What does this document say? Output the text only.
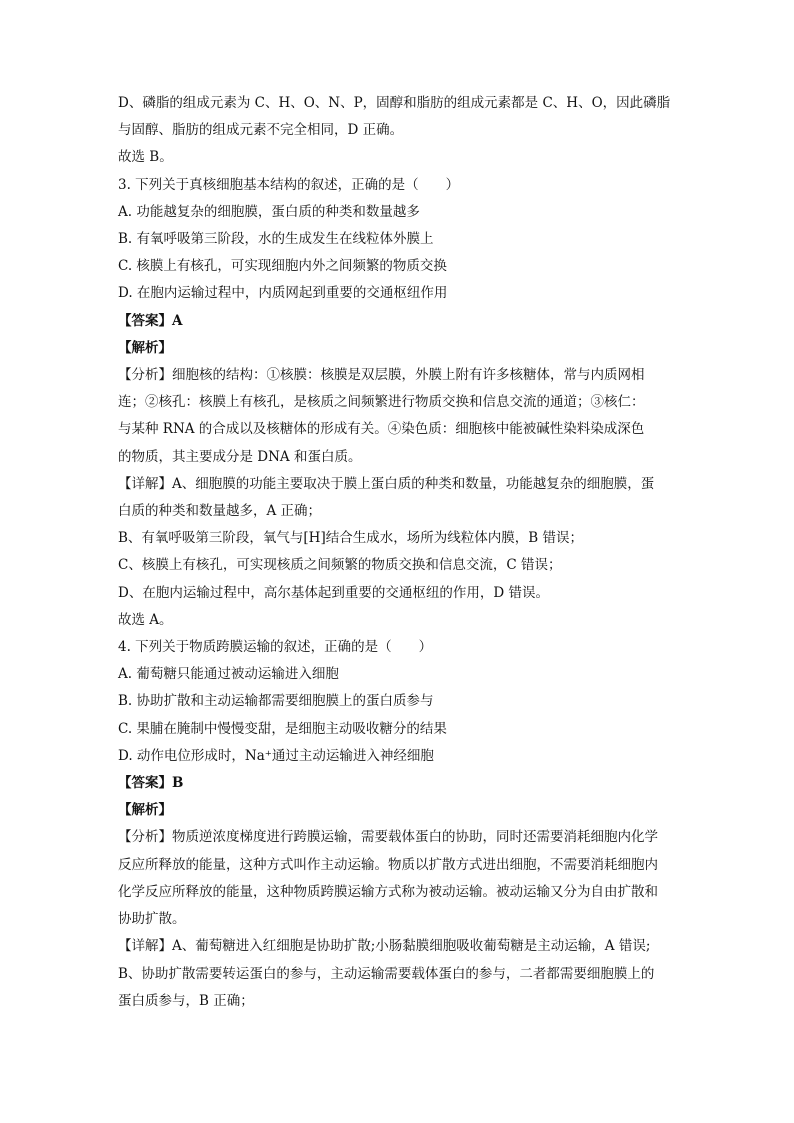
D、磷脂的组成元素为 C、H、O、N、P，固醇和脂肪的组成元素都是 C、H、O，因此磷脂
与固醇、脂肪的组成元素不完全相同，D 正确。
故选 B。
3. 下列关于真核细胞基本结构的叙述，正确的是（　　）
A. 功能越复杂的细胞膜，蛋白质的种类和数量越多
B. 有氧呼吸第三阶段，水的生成发生在线粒体外膜上
C. 核膜上有核孔，可实现细胞内外之间频繁的物质交换
D. 在胞内运输过程中，内质网起到重要的交通枢纽作用
【答案】A
【解析】
【分析】细胞核的结构：①核膜：核膜是双层膜，外膜上附有许多核糖体，常与内质网相
连；②核孔：核膜上有核孔，是核质之间频繁进行物质交换和信息交流的通道；③核仁：
与某种 RNA 的合成以及核糖体的形成有关。④染色质：细胞核中能被碱性染料染成深色
的物质，其主要成分是 DNA 和蛋白质。
【详解】A、细胞膜的功能主要取决于膜上蛋白质的种类和数量，功能越复杂的细胞膜，蛋
白质的种类和数量越多，A 正确；
B、有氧呼吸第三阶段，氧气与[H]结合生成水，场所为线粒体内膜，B 错误；
C、核膜上有核孔，可实现核质之间频繁的物质交换和信息交流，C 错误；
D、在胞内运输过程中，高尔基体起到重要的交通枢纽的作用，D 错误。
故选 A。
4. 下列关于物质跨膜运输的叙述，正确的是（　　）
A. 葡萄糖只能通过被动运输进入细胞
B. 协助扩散和主动运输都需要细胞膜上的蛋白质参与
C. 果脯在腌制中慢慢变甜，是细胞主动吸收糖分的结果
D. 动作电位形成时，Na⁺通过主动运输进入神经细胞
【答案】B
【解析】
【分析】物质逆浓度梯度进行跨膜运输，需要载体蛋白的协助，同时还需要消耗细胞内化学
反应所释放的能量，这种方式叫作主动运输。物质以扩散方式进出细胞，不需要消耗细胞内
化学反应所释放的能量，这种物质跨膜运输方式称为被动运输。被动运输又分为自由扩散和
协助扩散。
【详解】A、葡萄糖进入红细胞是协助扩散;小肠黏膜细胞吸收葡萄糖是主动运输，A 错误;
B、协助扩散需要转运蛋白的参与，主动运输需要载体蛋白的参与，二者都需要细胞膜上的
蛋白质参与，B 正确；
